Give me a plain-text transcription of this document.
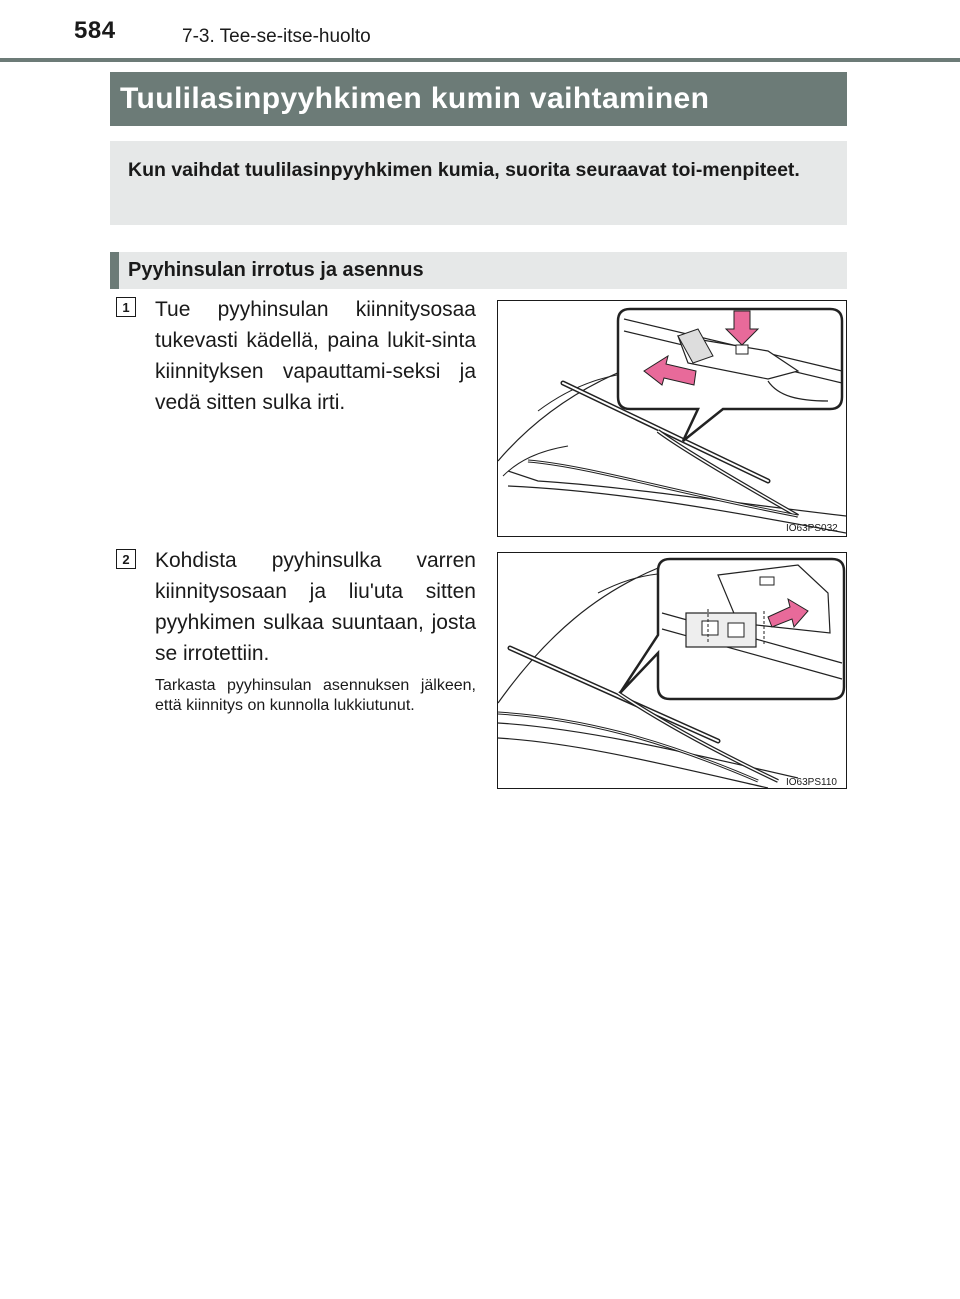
584	7-3. Tee-se-itse-huolto
Tuulilasinpyyhkimen kumin vaihtaminen
Kun vaihdat tuulilasinpyyhkimen kumia, suorita seuraavat toi-menpiteet.
Pyyhinsulan irrotus ja asennus
1	Tue pyyhinsulan kiinnitysosaa tukevasti kädellä, paina lukit-sinta kiinnityksen vapauttami-seksi ja vedä sitten sulka irti.
IO63PS032
2	Kohdista pyyhinsulka varren kiinnitysosaan ja liu'uta sitten pyyhkimen sulkaa suuntaan, josta se irrotettiin.
Tarkasta pyyhinsulan asennuksen jälkeen, että kiinnitys on kunnolla lukkiutunut.
IO63PS110
